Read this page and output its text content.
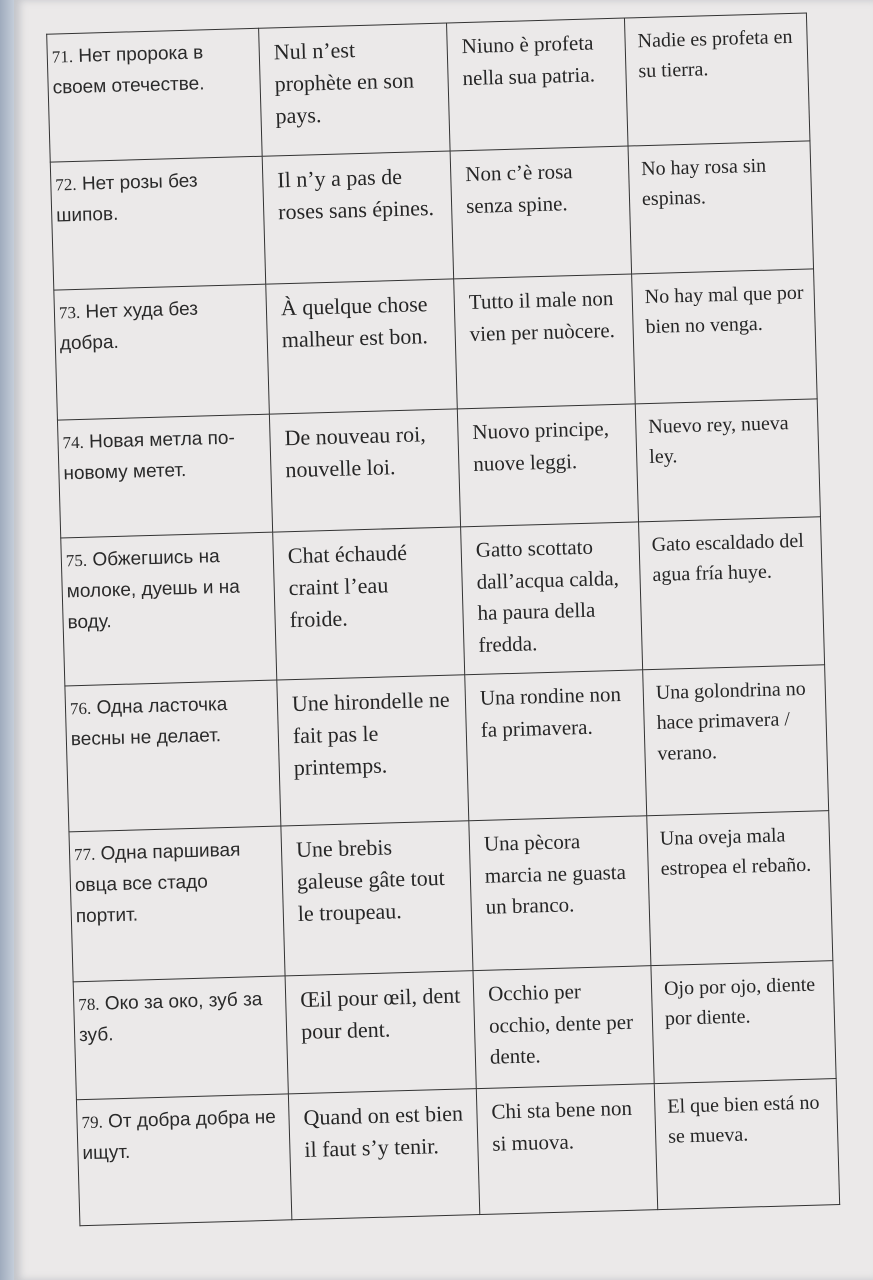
71. Нет пророка в своем отечестве.	Nul n’est prophète en son pays.	Niuno è profeta nella sua patria.	Nadie es profeta en su tierra.
72. Нет розы без шипов.	Il n’y a pas de roses sans épines.	Non c’è rosa senza spine.	No hay rosa sin espinas.
73. Нет худа без добра.	À quelque chose malheur est bon.	Tutto il male non vien per nuòcere.	No hay mal que por bien no venga.
74. Новая метла по-новому метет.	De nouveau roi, nouvelle loi.	Nuovo principe, nuove leggi.	Nuevo rey, nueva ley.
75. Обжегшись на молоке, дуешь и на воду.	Chat échaudé craint l’eau froide.	Gatto scottato dall’acqua calda, ha paura della fredda.	Gato escaldado del agua fría huye.
76. Одна ласточка весны не делает.	Une hirondelle ne fait pas le printemps.	Una rondine non fa primavera.	Una golondrina no hace primavera / verano.
77. Одна паршивая овца все стадо портит.	Une brebis galeuse gâte tout le troupeau.	Una pècora marcia ne guasta un branco.	Una oveja mala estropea el rebaño.
78. Око за око, зуб за зуб.	Œil pour œil, dent pour dent.	Occhio per occhio, dente per dente.	Ojo por ojo, diente por diente.
79. От добра добра не ищут.	Quand on est bien il faut s’y tenir.	Chi sta bene non si muova.	El que bien está no se mueva.
